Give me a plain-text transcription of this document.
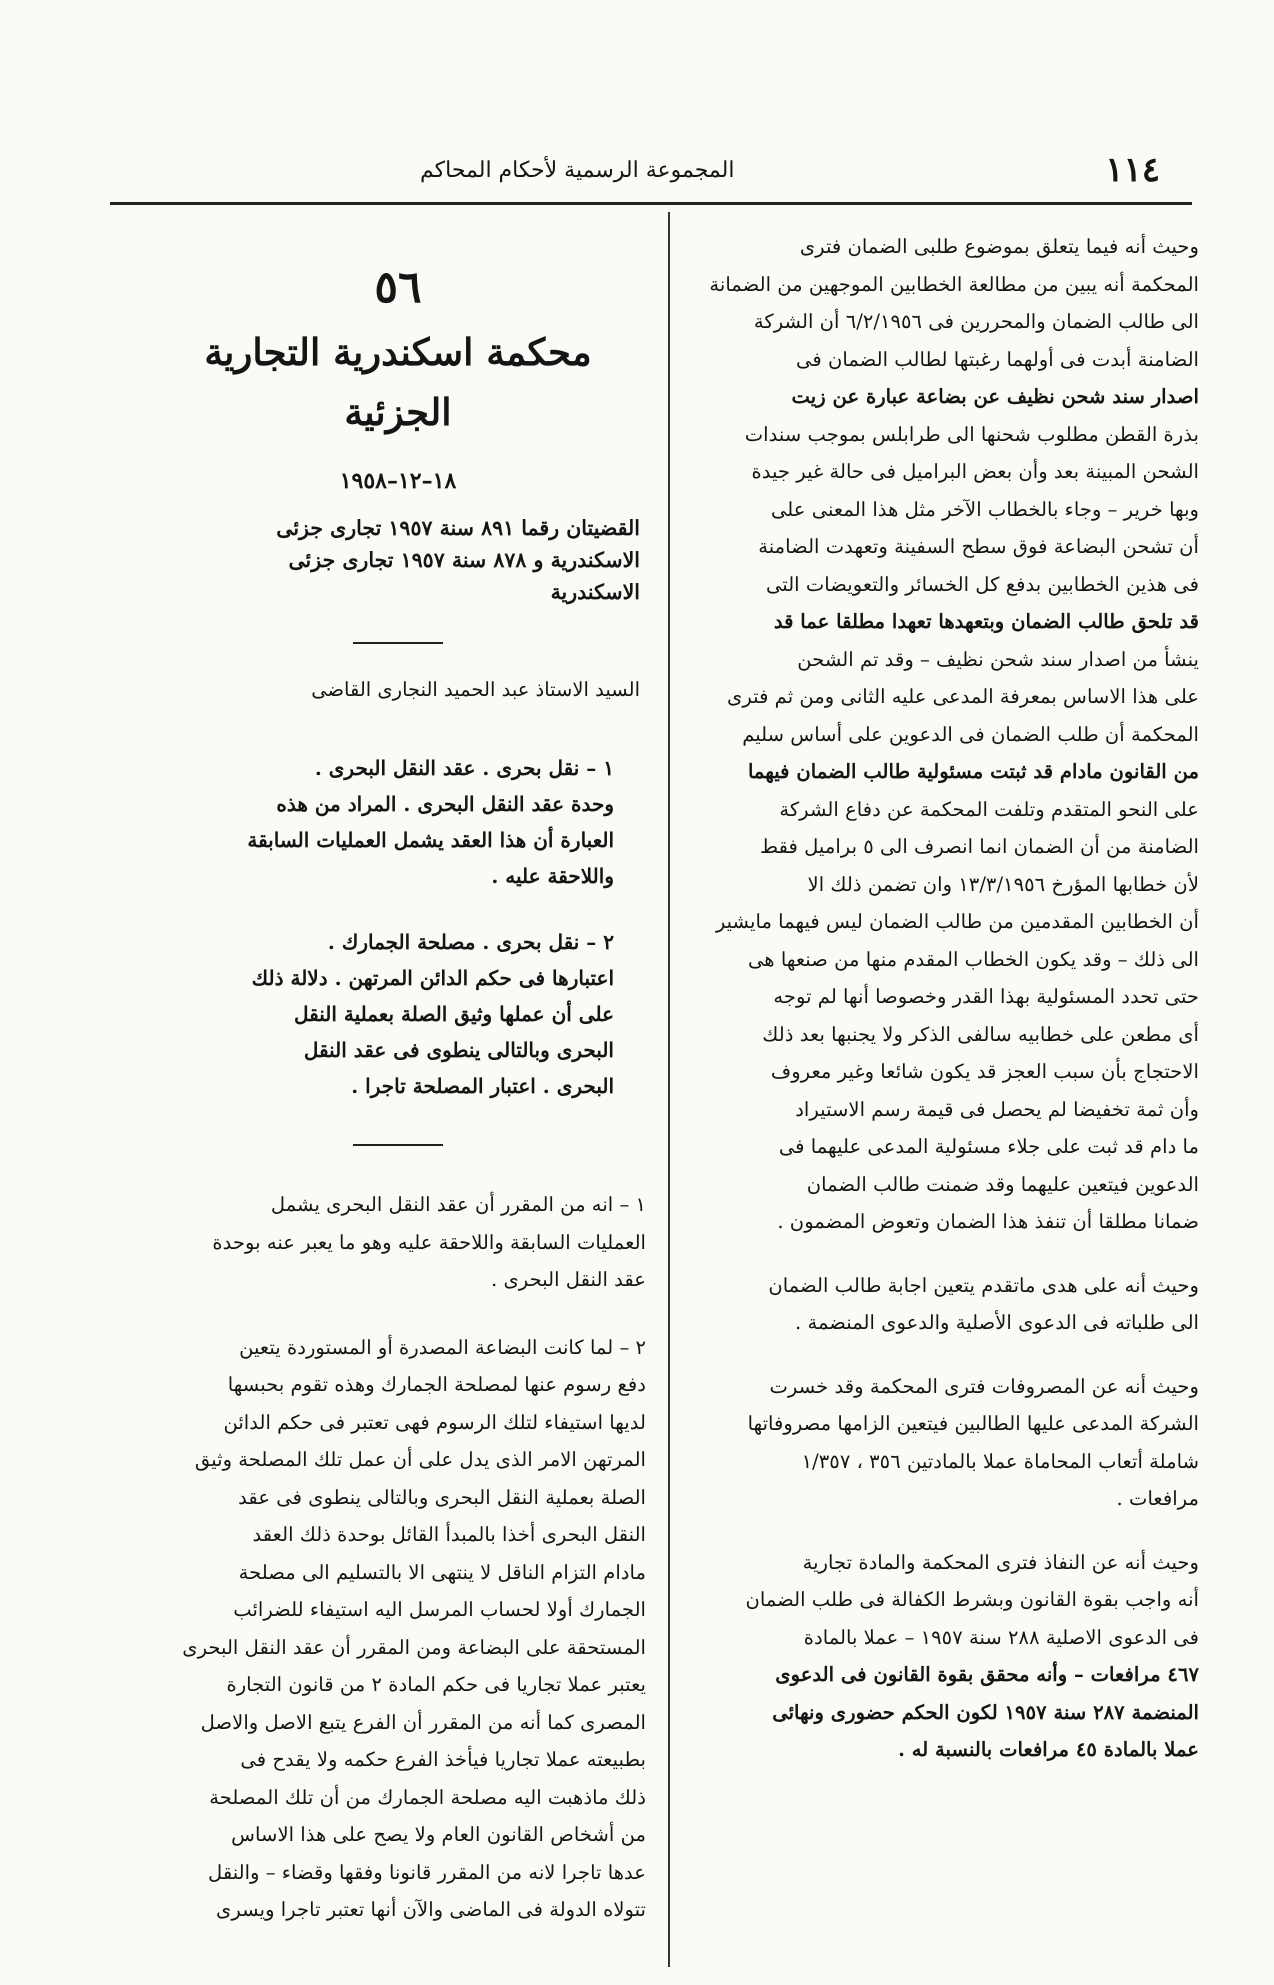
١١٤
المجموعة الرسمية لأحكام المحاكم

وحيث أنه فيما يتعلق بموضوع طلبى الضمان فترى

المحكمة أنه يبين من مطالعة الخطابين الموجهين من الضمانة

الى طالب الضمان والمحررين فى ٦/٢/١٩٥٦ أن الشركة

الضامنة أبدت فى أولهما رغبتها لطالب الضمان فى

اصدار سند شحن نظيف عن بضاعة عبارة عن زيت

بذرة القطن مطلوب شحنها الى طرابلس بموجب سندات

الشحن المبينة بعد وأن بعض البراميل فى حالة غير جيدة

وبها خرير – وجاء بالخطاب الآخر مثل هذا المعنى على

أن تشحن البضاعة فوق سطح السفينة وتعهدت الضامنة

فى هذين الخطابين بدفع كل الخسائر والتعويضات التى

قد تلحق طالب الضمان وبتعهدها تعهدا مطلقا عما قد

ينشأ من اصدار سند شحن نظيف – وقد تم الشحن

على هذا الاساس بمعرفة المدعى عليه الثانى ومن ثم فترى

المحكمة أن طلب الضمان فى الدعوين على أساس سليم

من القانون مادام قد ثبتت مسئولية طالب الضمان فيهما

على النحو المتقدم وتلفت المحكمة عن دفاع الشركة

الضامنة من أن الضمان انما انصرف الى ٥ براميل فقط

لأن خطابها المؤرخ ١٣/٣/١٩٥٦ وان تضمن ذلك الا

أن الخطابين المقدمين من طالب الضمان ليس فيهما مايشير

الى ذلك – وقد يكون الخطاب المقدم منها من صنعها هى

حتى تحدد المسئولية بهذا القدر وخصوصا أنها لم توجه

أى مطعن على خطابيه سالفى الذكر ولا يجنبها بعد ذلك

الاحتجاج بأن سبب العجز قد يكون شائعا وغير معروف

وأن ثمة تخفيضا لم يحصل فى قيمة رسم الاستيراد

ما دام قد ثبت على جلاء مسئولية المدعى عليهما فى

الدعوين فيتعين عليهما وقد ضمنت طالب الضمان

ضمانا مطلقا أن تنفذ هذا الضمان وتعوض المضمون .

وحيث أنه على هدى ماتقدم يتعين اجابة طالب الضمان

الى طلباته فى الدعوى الأصلية والدعوى المنضمة .

وحيث أنه عن المصروفات فترى المحكمة وقد خسرت

الشركة المدعى عليها الطالبين فيتعين الزامها مصروفاتها

شاملة أتعاب المحاماة عملا بالمادتين ٣٥٦ ، ١/٣٥٧

مرافعات .

وحيث أنه عن النفاذ فترى المحكمة والمادة تجارية

أنه واجب بقوة القانون وبشرط الكفالة فى طلب الضمان

فى الدعوى الاصلية ٢٨٨ سنة ١٩٥٧ – عملا بالمادة

٤٦٧ مرافعات – وأنه محقق بقوة القانون فى الدعوى

المنضمة ٢٨٧ سنة ١٩٥٧ لكون الحكم حضورى ونهائى

عملا بالمادة ٤٥ مرافعات بالنسبة له .

٥٦
محكمة اسكندرية التجارية الجزئية
١٨–١٢–١٩٥٨

القضيتان رقما ٨٩١ سنة ١٩٥٧ تجارى جزئى

الاسكندرية و ٨٧٨ سنة ١٩٥٧ تجارى جزئى

الاسكندرية

السيد الاستاذ عبد الحميد النجارى القاضى

١ – نقل بحرى . عقد النقل البحرى .

وحدة عقد النقل البحرى . المراد من هذه

العبارة أن هذا العقد يشمل العمليات السابقة

واللاحقة عليه .

٢ – نقل بحرى . مصلحة الجمارك .

اعتبارها فى حكم الدائن المرتهن . دلالة ذلك

على أن عملها وثيق الصلة بعملية النقل

البحرى وبالتالى ينطوى فى عقد النقل

البحرى . اعتبار المصلحة تاجرا .

١ – انه من المقرر أن عقد النقل البحرى يشمل

العمليات السابقة واللاحقة عليه وهو ما يعبر عنه بوحدة

عقد النقل البحرى .

٢ – لما كانت البضاعة المصدرة أو المستوردة يتعين

دفع رسوم عنها لمصلحة الجمارك وهذه تقوم بحبسها

لديها استيفاء لتلك الرسوم فهى تعتبر فى حكم الدائن

المرتهن الامر الذى يدل على أن عمل تلك المصلحة وثيق

الصلة بعملية النقل البحرى وبالتالى ينطوى فى عقد

النقل البحرى أخذا بالمبدأ القائل بوحدة ذلك العقد

مادام التزام الناقل لا ينتهى الا بالتسليم الى مصلحة

الجمارك أولا لحساب المرسل اليه استيفاء للضرائب

المستحقة على البضاعة ومن المقرر أن عقد النقل البحرى

يعتبر عملا تجاريا فى حكم المادة ٢ من قانون التجارة

المصرى كما أنه من المقرر أن الفرع يتبع الاصل والاصل

بطبيعته عملا تجاريا فيأخذ الفرع حكمه ولا يقدح فى

ذلك ماذهبت اليه مصلحة الجمارك من أن تلك المصلحة

من أشخاص القانون العام ولا يصح على هذا الاساس

عدها تاجرا لانه من المقرر قانونا وفقها وقضاء – والنقل

تتولاه الدولة فى الماضى والآن أنها تعتبر تاجرا ويسرى
